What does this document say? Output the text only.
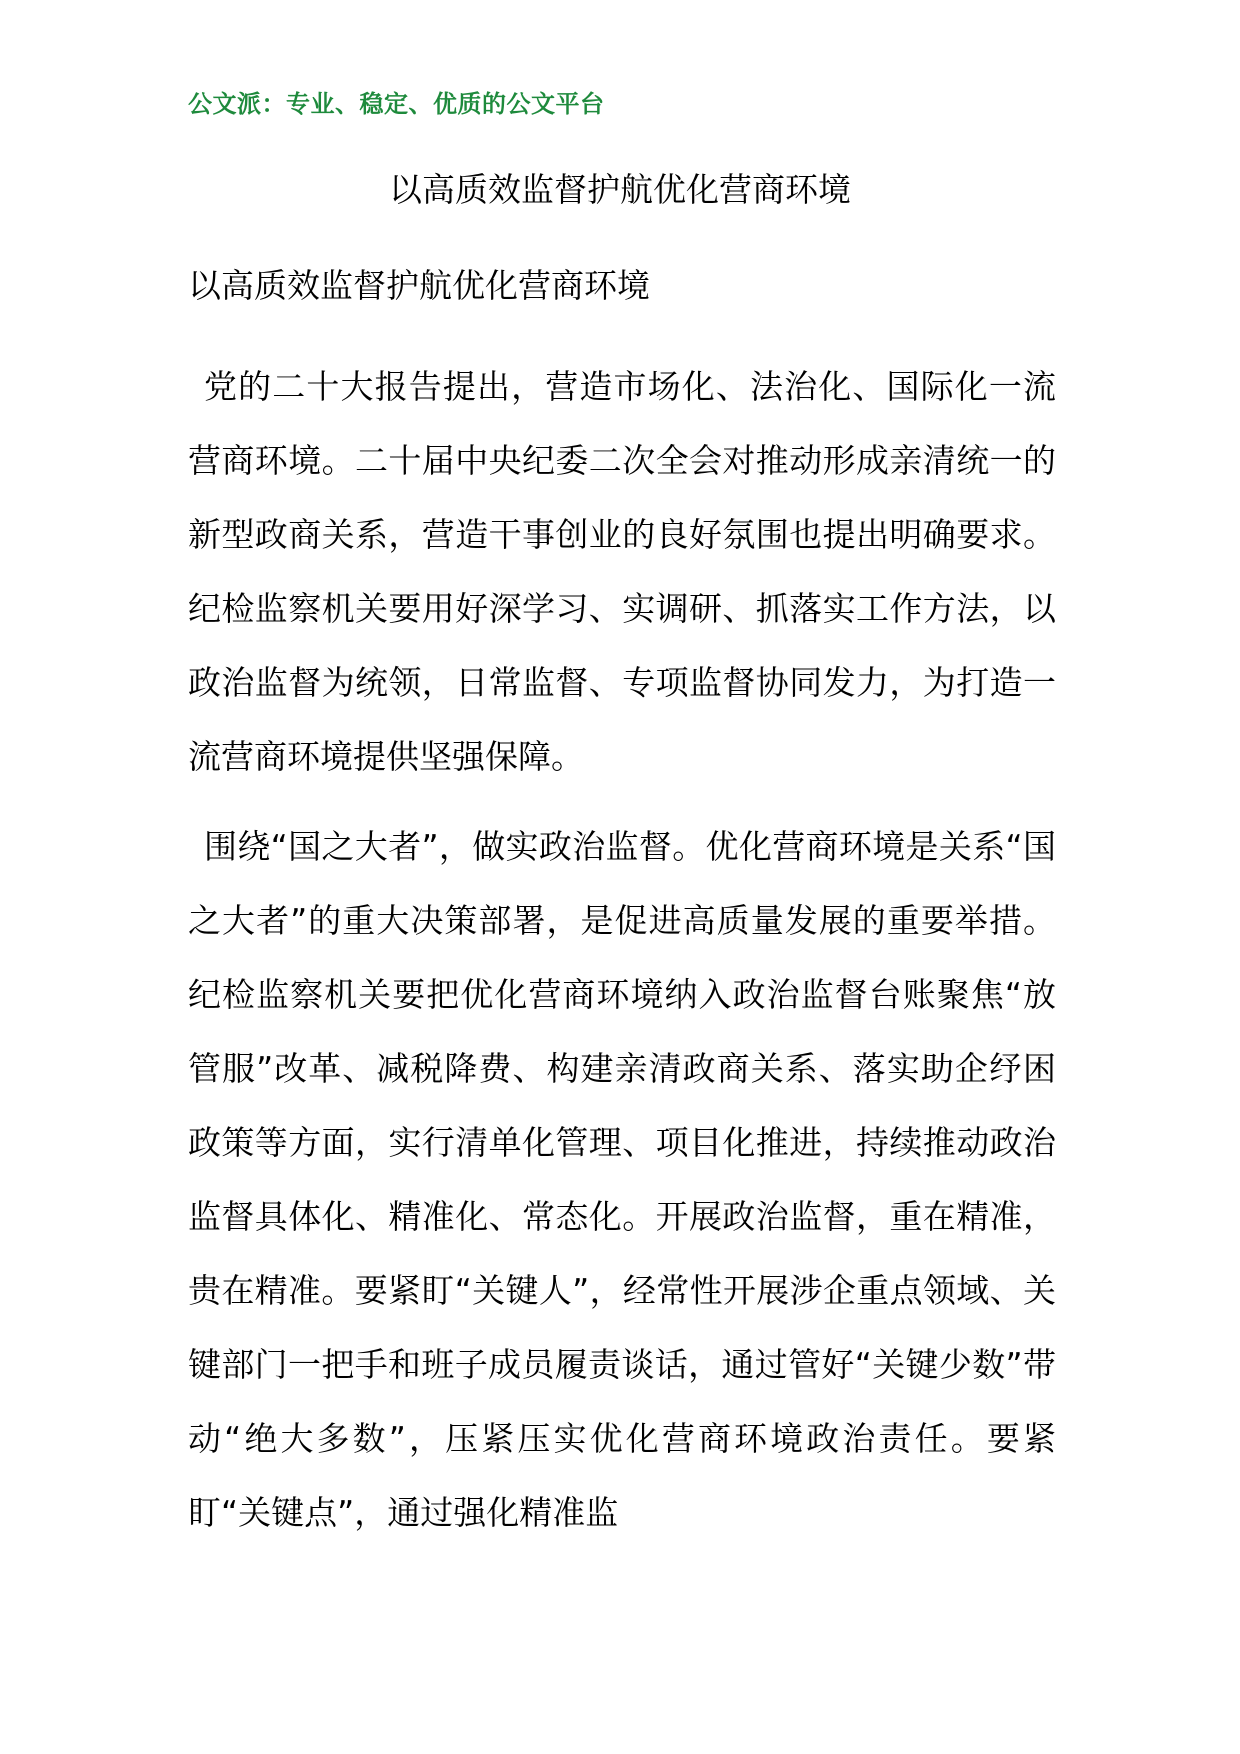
公文派：专业、稳定、优质的公文平台
以高质效监督护航优化营商环境
以高质效监督护航优化营商环境

党的二十大报告提出，营造市场化、法治化、国际化一流营商环境。二十届中央纪委二次全会对推动形成亲清统一的新型政商关系，营造干事创业的良好氛围也提出明确要求。纪检监察机关要用好深学习、实调研、抓落实工作方法，以政治监督为统领，日常监督、专项监督协同发力，为打造一流营商环境提供坚强保障。

围绕“国之大者”，做实政治监督。优化营商环境是关系“国之大者”的重大决策部署，是促进高质量发展的重要举措。纪检监察机关要把优化营商环境纳入政治监督台账聚焦“放管服”改革、减税降费、构建亲清政商关系、落实助企纾困政策等方面，实行清单化管理、项目化推进，持续推动政治监督具体化、精准化、常态化。开展政治监督，重在精准，贵在精准。要紧盯“关键人”，经常性开展涉企重点领域、关键部门一把手和班子成员履责谈话，通过管好“关键少数”带动“绝大多数”，压紧压实优化营商环境政治责任。要紧盯“关键点”，通过强化精准监
